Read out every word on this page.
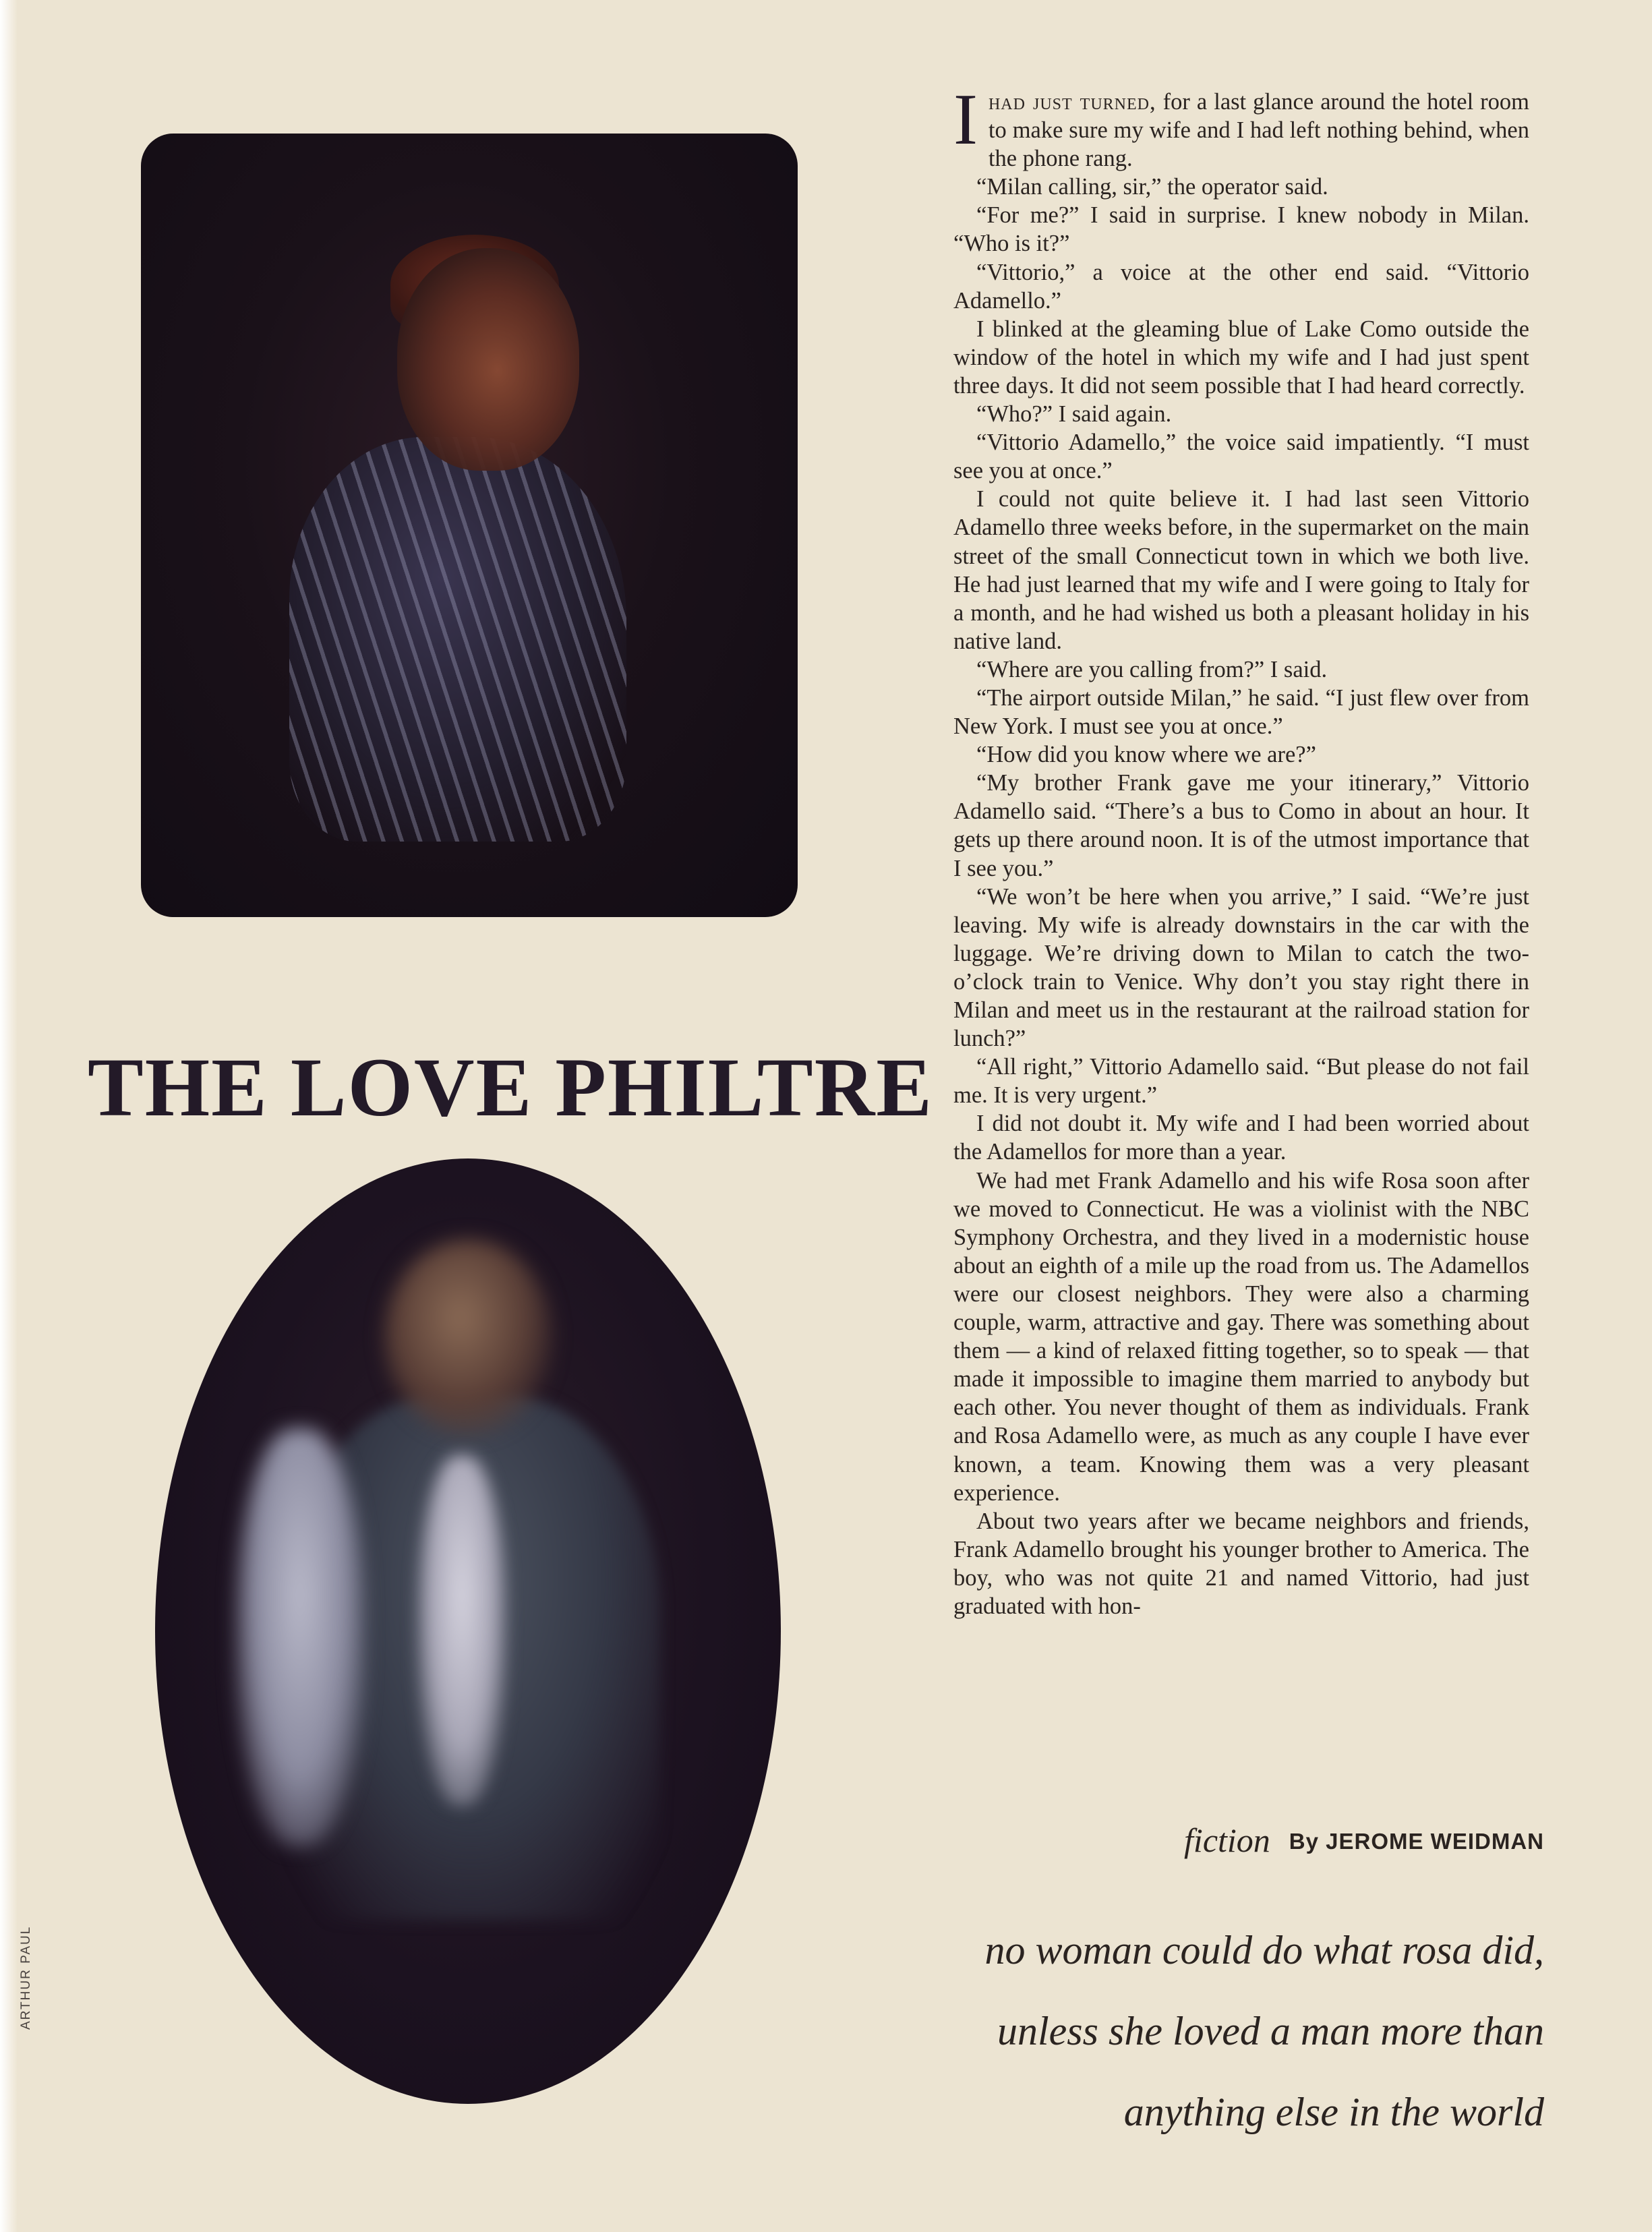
THE LOVE PHILTRE

Ihad just turned, for a last glance around the hotel room to make sure my wife and I had left nothing behind, when the phone rang.

“Milan calling, sir,” the operator said.

“For me?” I said in surprise. I knew nobody in Milan. “Who is it?”

“Vittorio,” a voice at the other end said. “Vittorio Adamello.”

I blinked at the gleaming blue of Lake Como outside the window of the hotel in which my wife and I had just spent three days. It did not seem possible that I had heard correctly.

“Who?” I said again.

“Vittorio Adamello,” the voice said impatiently. “I must see you at once.”

I could not quite believe it. I had last seen Vittorio Adamello three weeks before, in the supermarket on the main street of the small Connecticut town in which we both live. He had just learned that my wife and I were going to Italy for a month, and he had wished us both a pleasant holiday in his native land.

“Where are you calling from?” I said.

“The airport outside Milan,” he said. “I just flew over from New York. I must see you at once.”

“How did you know where we are?”

“My brother Frank gave me your itinerary,” Vittorio Adamello said. “There’s a bus to Como in about an hour. It gets up there around noon. It is of the utmost importance that I see you.”

“We won’t be here when you arrive,” I said. “We’re just leaving. My wife is already downstairs in the car with the luggage. We’re driving down to Milan to catch the two-o’clock train to Venice. Why don’t you stay right there in Milan and meet us in the restaurant at the railroad station for lunch?”

“All right,” Vittorio Adamello said. “But please do not fail me. It is very urgent.”

I did not doubt it. My wife and I had been worried about the Adamellos for more than a year.

We had met Frank Adamello and his wife Rosa soon after we moved to Connecticut. He was a violinist with the NBC Symphony Orchestra, and they lived in a modernistic house about an eighth of a mile up the road from us. The Adamellos were our closest neighbors. They were also a charming couple, warm, attractive and gay. There was something about them — a kind of relaxed fitting together, so to speak — that made it impossible to imagine them married to anybody but each other. You never thought of them as individuals. Frank and Rosa Adamello were, as much as any couple I have ever known, a team. Knowing them was a very pleasant experience.

About two years after we became neighbors and friends, Frank Adamello brought his younger brother to America. The boy, who was not quite 21 and named Vittorio, had just graduated with hon-

fiction By JEROME WEIDMAN
no woman could do what rosa did,
unless she loved a man more than
anything else in the world
ARTHUR PAUL
